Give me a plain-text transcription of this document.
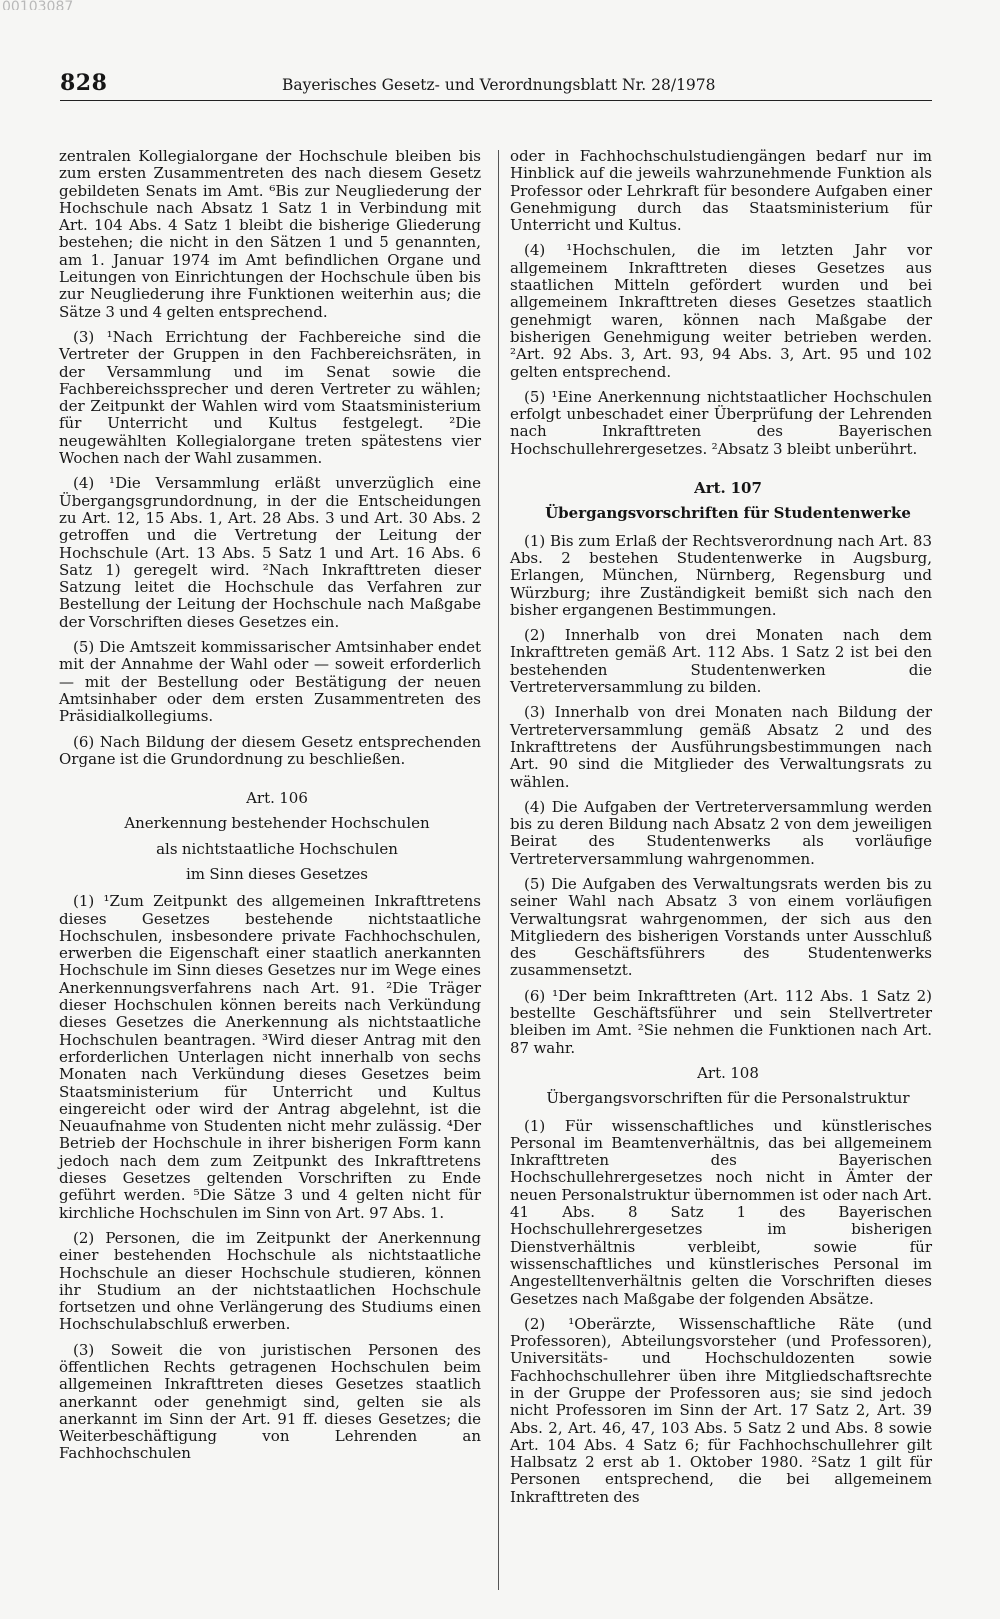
00103087
828	Bayerisches Gesetz- und Verordnungsblatt Nr. 28/1978

zentralen Kollegialorgane der Hochschule bleiben bis zum ersten Zusammentreten des nach diesem Gesetz gebildeten Senats im Amt. ⁶Bis zur Neugliederung der Hochschule nach Absatz 1 Satz 1 in Verbindung mit Art. 104 Abs. 4 Satz 1 bleibt die bisherige Gliederung bestehen; die nicht in den Sätzen 1 und 5 genannten, am 1. Januar 1974 im Amt befindlichen Organe und Leitungen von Einrichtungen der Hochschule üben bis zur Neugliederung ihre Funktionen weiterhin aus; die Sätze 3 und 4 gelten entsprechend.

(3) ¹Nach Errichtung der Fachbereiche sind die Vertreter der Gruppen in den Fachbereichsräten, in der Versammlung und im Senat sowie die Fachbereichssprecher und deren Vertreter zu wählen; der Zeitpunkt der Wahlen wird vom Staatsministerium für Unterricht und Kultus festgelegt. ²Die neugewählten Kollegialorgane treten spätestens vier Wochen nach der Wahl zusammen.

(4) ¹Die Versammlung erläßt unverzüglich eine Übergangsgrundordnung, in der die Entscheidungen zu Art. 12, 15 Abs. 1, Art. 28 Abs. 3 und Art. 30 Abs. 2 getroffen und die Vertretung der Leitung der Hochschule (Art. 13 Abs. 5 Satz 1 und Art. 16 Abs. 6 Satz 1) geregelt wird. ²Nach Inkrafttreten dieser Satzung leitet die Hochschule das Verfahren zur Bestellung der Leitung der Hochschule nach Maßgabe der Vorschriften dieses Gesetzes ein.

(5) Die Amtszeit kommissarischer Amtsinhaber endet mit der Annahme der Wahl oder — soweit erforderlich — mit der Bestellung oder Bestätigung der neuen Amtsinhaber oder dem ersten Zusammentreten des Präsidialkollegiums.

(6) Nach Bildung der diesem Gesetz entsprechenden Organe ist die Grundordnung zu beschließen.

Art. 106

Anerkennung bestehender Hochschulen

als nichtstaatliche Hochschulen

im Sinn dieses Gesetzes

(1) ¹Zum Zeitpunkt des allgemeinen Inkrafttretens dieses Gesetzes bestehende nichtstaatliche Hochschulen, insbesondere private Fachhochschulen, erwerben die Eigenschaft einer staatlich anerkannten Hochschule im Sinn dieses Gesetzes nur im Wege eines Anerkennungsverfahrens nach Art. 91. ²Die Träger dieser Hochschulen können bereits nach Verkündung dieses Gesetzes die Anerkennung als nichtstaatliche Hochschulen beantragen. ³Wird dieser Antrag mit den erforderlichen Unterlagen nicht innerhalb von sechs Monaten nach Verkündung dieses Gesetzes beim Staatsministerium für Unterricht und Kultus eingereicht oder wird der Antrag abgelehnt, ist die Neuaufnahme von Studenten nicht mehr zulässig. ⁴Der Betrieb der Hochschule in ihrer bisherigen Form kann jedoch nach dem zum Zeitpunkt des Inkrafttretens dieses Gesetzes geltenden Vorschriften zu Ende geführt werden. ⁵Die Sätze 3 und 4 gelten nicht für kirchliche Hochschulen im Sinn von Art. 97 Abs. 1.

(2) Personen, die im Zeitpunkt der Anerkennung einer bestehenden Hochschule als nichtstaatliche Hochschule an dieser Hochschule studieren, können ihr Studium an der nichtstaatlichen Hochschule fortsetzen und ohne Verlängerung des Studiums einen Hochschulabschluß erwerben.

(3) Soweit die von juristischen Personen des öffentlichen Rechts getragenen Hochschulen beim allgemeinen Inkrafttreten dieses Gesetzes staatlich anerkannt oder genehmigt sind, gelten sie als anerkannt im Sinn der Art. 91 ff. dieses Gesetzes; die Weiterbeschäftigung von Lehrenden an Fachhochschulen

oder in Fachhochschulstudiengängen bedarf nur im Hinblick auf die jeweils wahrzunehmende Funktion als Professor oder Lehrkraft für besondere Aufgaben einer Genehmigung durch das Staatsministerium für Unterricht und Kultus.

(4) ¹Hochschulen, die im letzten Jahr vor allgemeinem Inkrafttreten dieses Gesetzes aus staatlichen Mitteln gefördert wurden und bei allgemeinem Inkrafttreten dieses Gesetzes staatlich genehmigt waren, können nach Maßgabe der bisherigen Genehmigung weiter betrieben werden. ²Art. 92 Abs. 3, Art. 93, 94 Abs. 3, Art. 95 und 102 gelten entsprechend.

(5) ¹Eine Anerkennung nichtstaatlicher Hochschulen erfolgt unbeschadet einer Überprüfung der Lehrenden nach Inkrafttreten des Bayerischen Hochschullehrergesetzes. ²Absatz 3 bleibt unberührt.

Art. 107

Übergangsvorschriften für Studentenwerke

(1) Bis zum Erlaß der Rechtsverordnung nach Art. 83 Abs. 2 bestehen Studentenwerke in Augsburg, Erlangen, München, Nürnberg, Regensburg und Würzburg; ihre Zuständigkeit bemißt sich nach den bisher ergangenen Bestimmungen.

(2) Innerhalb von drei Monaten nach dem Inkrafttreten gemäß Art. 112 Abs. 1 Satz 2 ist bei den bestehenden Studentenwerken die Vertreterversammlung zu bilden.

(3) Innerhalb von drei Monaten nach Bildung der Vertreterversammlung gemäß Absatz 2 und des Inkrafttretens der Ausführungsbestimmungen nach Art. 90 sind die Mitglieder des Verwaltungsrats zu wählen.

(4) Die Aufgaben der Vertreterversammlung werden bis zu deren Bildung nach Absatz 2 von dem jeweiligen Beirat des Studentenwerks als vorläufige Vertreterversammlung wahrgenommen.

(5) Die Aufgaben des Verwaltungsrats werden bis zu seiner Wahl nach Absatz 3 von einem vorläufigen Verwaltungsrat wahrgenommen, der sich aus den Mitgliedern des bisherigen Vorstands unter Ausschluß des Geschäftsführers des Studentenwerks zusammensetzt.

(6) ¹Der beim Inkrafttreten (Art. 112 Abs. 1 Satz 2) bestellte Geschäftsführer und sein Stellvertreter bleiben im Amt. ²Sie nehmen die Funktionen nach Art. 87 wahr.

Art. 108

Übergangsvorschriften für die Personalstruktur

(1) Für wissenschaftliches und künstlerisches Personal im Beamtenverhältnis, das bei allgemeinem Inkrafttreten des Bayerischen Hochschullehrergesetzes noch nicht in Ämter der neuen Personalstruktur übernommen ist oder nach Art. 41 Abs. 8 Satz 1 des Bayerischen Hochschullehrergesetzes im bisherigen Dienstverhältnis verbleibt, sowie für wissenschaftliches und künstlerisches Personal im Angestelltenverhältnis gelten die Vorschriften dieses Gesetzes nach Maßgabe der folgenden Absätze.

(2) ¹Oberärzte, Wissenschaftliche Räte (und Professoren), Abteilungsvorsteher (und Professoren), Universitäts- und Hochschuldozenten sowie Fachhochschullehrer üben ihre Mitgliedschaftsrechte in der Gruppe der Professoren aus; sie sind jedoch nicht Professoren im Sinn der Art. 17 Satz 2, Art. 39 Abs. 2, Art. 46, 47, 103 Abs. 5 Satz 2 und Abs. 8 sowie Art. 104 Abs. 4 Satz 6; für Fachhochschullehrer gilt Halbsatz 2 erst ab 1. Oktober 1980. ²Satz 1 gilt für Personen entsprechend, die bei allgemeinem Inkrafttreten des
